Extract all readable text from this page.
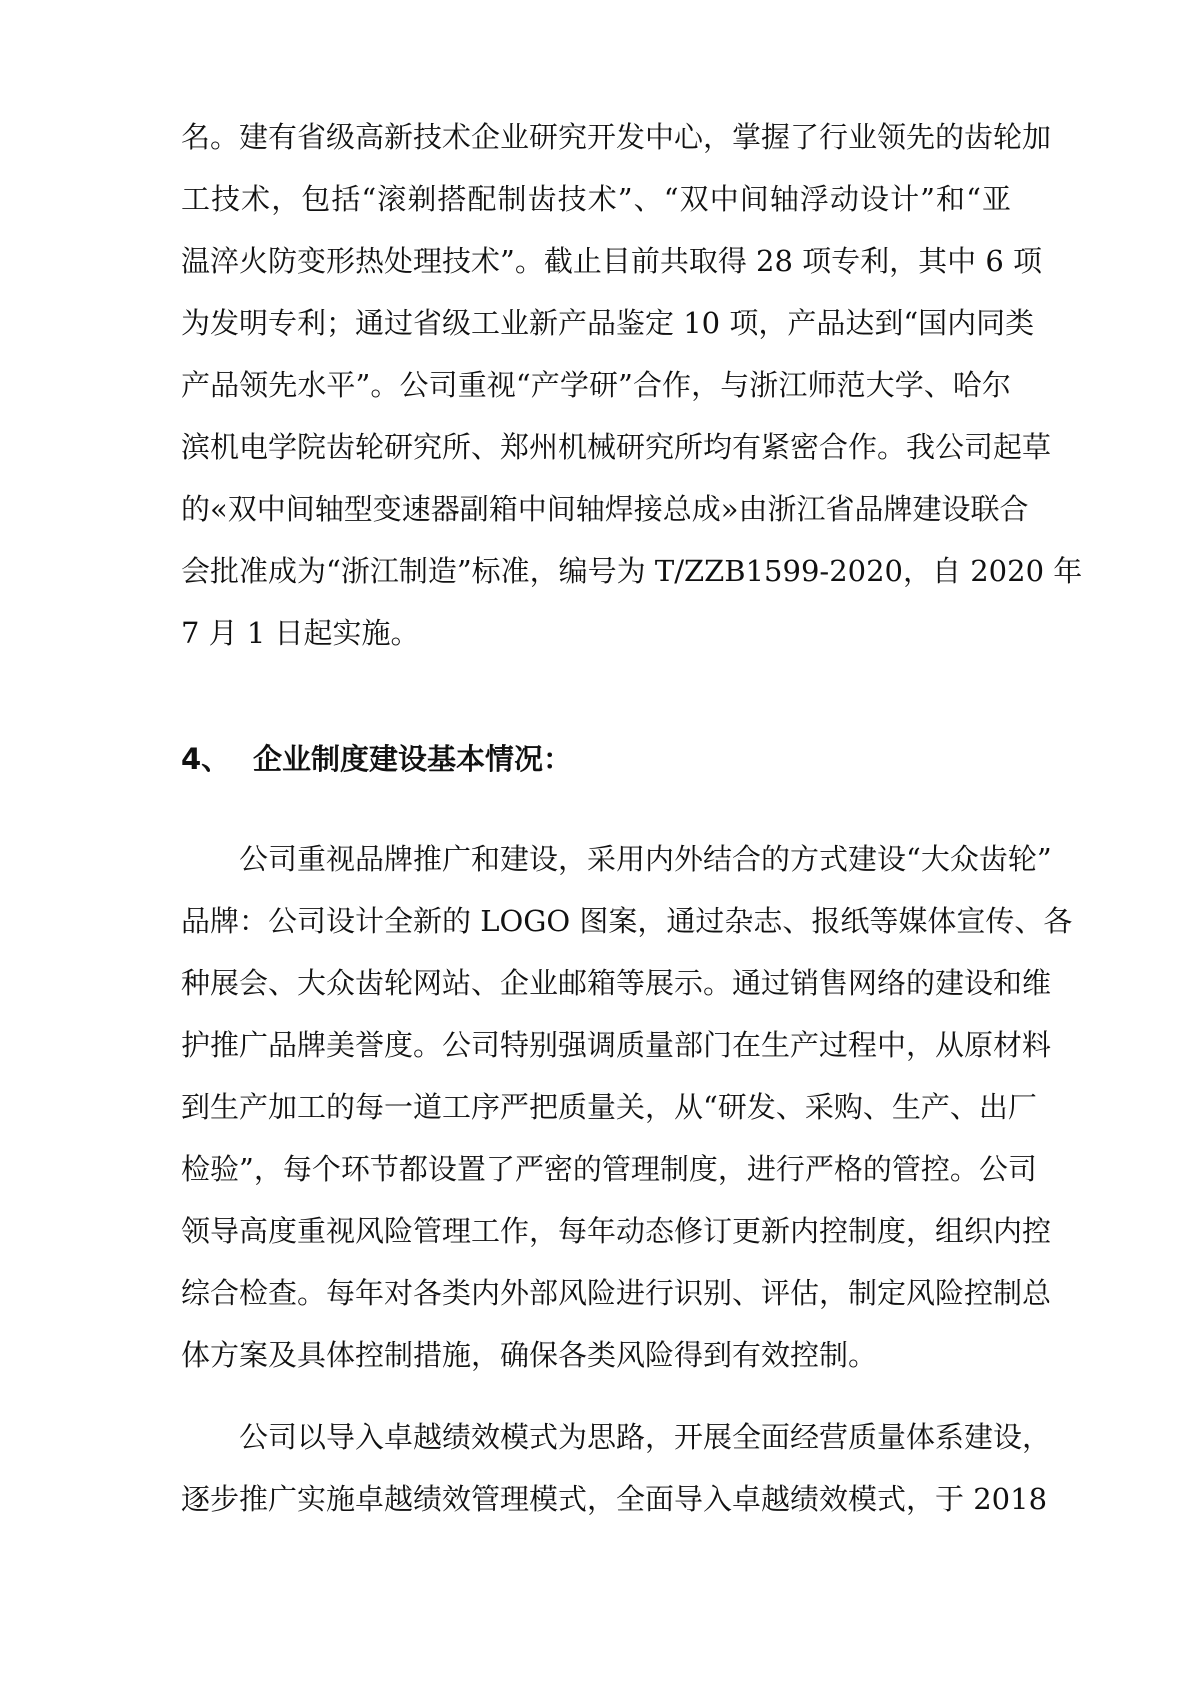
名。建有省级高新技术企业研究开发中心，掌握了行业领先的齿轮加
工技术，包括“滚剃搭配制齿技术”、“双中间轴浮动设计”和“亚
温淬火防变形热处理技术”。截止目前共取得 28 项专利，其中 6 项
为发明专利；通过省级工业新产品鉴定 10 项，产品达到“国内同类
产品领先水平”。公司重视“产学研”合作，与浙江师范大学、哈尔
滨机电学院齿轮研究所、郑州机械研究所均有紧密合作。我公司起草
的«双中间轴型变速器副箱中间轴焊接总成»由浙江省品牌建设联合
会批准成为“浙江制造”标准，编号为 T/ZZB1599-2020，自 2020 年
7 月 1 日起实施。
4、 企业制度建设基本情况：
　　公司重视品牌推广和建设，采用内外结合的方式建设“大众齿轮”
品牌：公司设计全新的 LOGO 图案，通过杂志、报纸等媒体宣传、各
种展会、大众齿轮网站、企业邮箱等展示。通过销售网络的建设和维
护推广品牌美誉度。公司特别强调质量部门在生产过程中，从原材料
到生产加工的每一道工序严把质量关，从“研发、采购、生产、出厂
检验”，每个环节都设置了严密的管理制度，进行严格的管控。公司
领导高度重视风险管理工作，每年动态修订更新内控制度，组织内控
综合检查。每年对各类内外部风险进行识别、评估，制定风险控制总
体方案及具体控制措施，确保各类风险得到有效控制。
　　公司以导入卓越绩效模式为思路，开展全面经营质量体系建设，
逐步推广实施卓越绩效管理模式，全面导入卓越绩效模式，于 2018
